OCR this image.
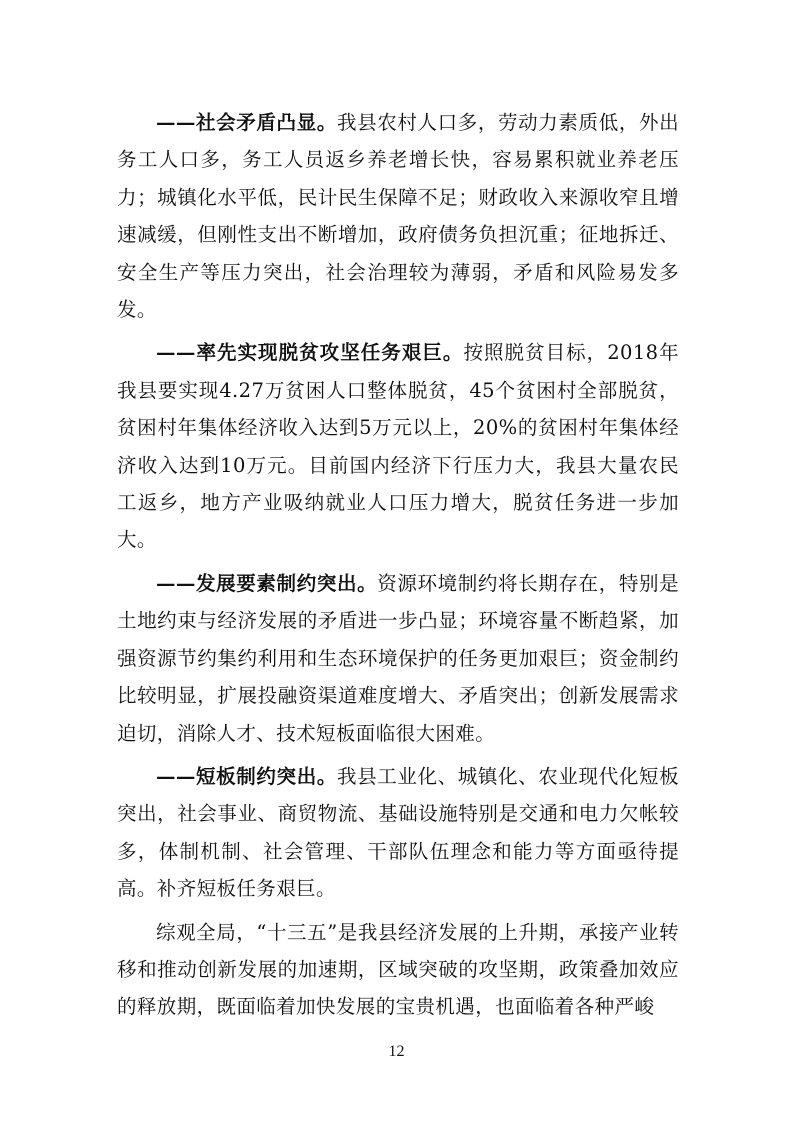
——社会矛盾凸显。我县农村人口多，劳动力素质低，外出务工人口多，务工人员返乡养老增长快，容易累积就业养老压力；城镇化水平低，民计民生保障不足；财政收入来源收窄且增速减缓，但刚性支出不断增加，政府债务负担沉重；征地拆迁、安全生产等压力突出，社会治理较为薄弱，矛盾和风险易发多发。

——率先实现脱贫攻坚任务艰巨。按照脱贫目标，2018年我县要实现4.27万贫困人口整体脱贫，45个贫困村全部脱贫，贫困村年集体经济收入达到5万元以上，20%的贫困村年集体经济收入达到10万元。目前国内经济下行压力大，我县大量农民工返乡，地方产业吸纳就业人口压力增大，脱贫任务进一步加大。

——发展要素制约突出。资源环境制约将长期存在，特别是土地约束与经济发展的矛盾进一步凸显；环境容量不断趋紧，加强资源节约集约利用和生态环境保护的任务更加艰巨；资金制约比较明显，扩展投融资渠道难度增大、矛盾突出；创新发展需求迫切，消除人才、技术短板面临很大困难。

——短板制约突出。我县工业化、城镇化、农业现代化短板突出，社会事业、商贸物流、基础设施特别是交通和电力欠帐较多，体制机制、社会管理、干部队伍理念和能力等方面亟待提高。补齐短板任务艰巨。

综观全局，“十三五”是我县经济发展的上升期，承接产业转移和推动创新发展的加速期，区域突破的攻坚期，政策叠加效应的释放期，既面临着加快发展的宝贵机遇，也面临着各种严峻

12
